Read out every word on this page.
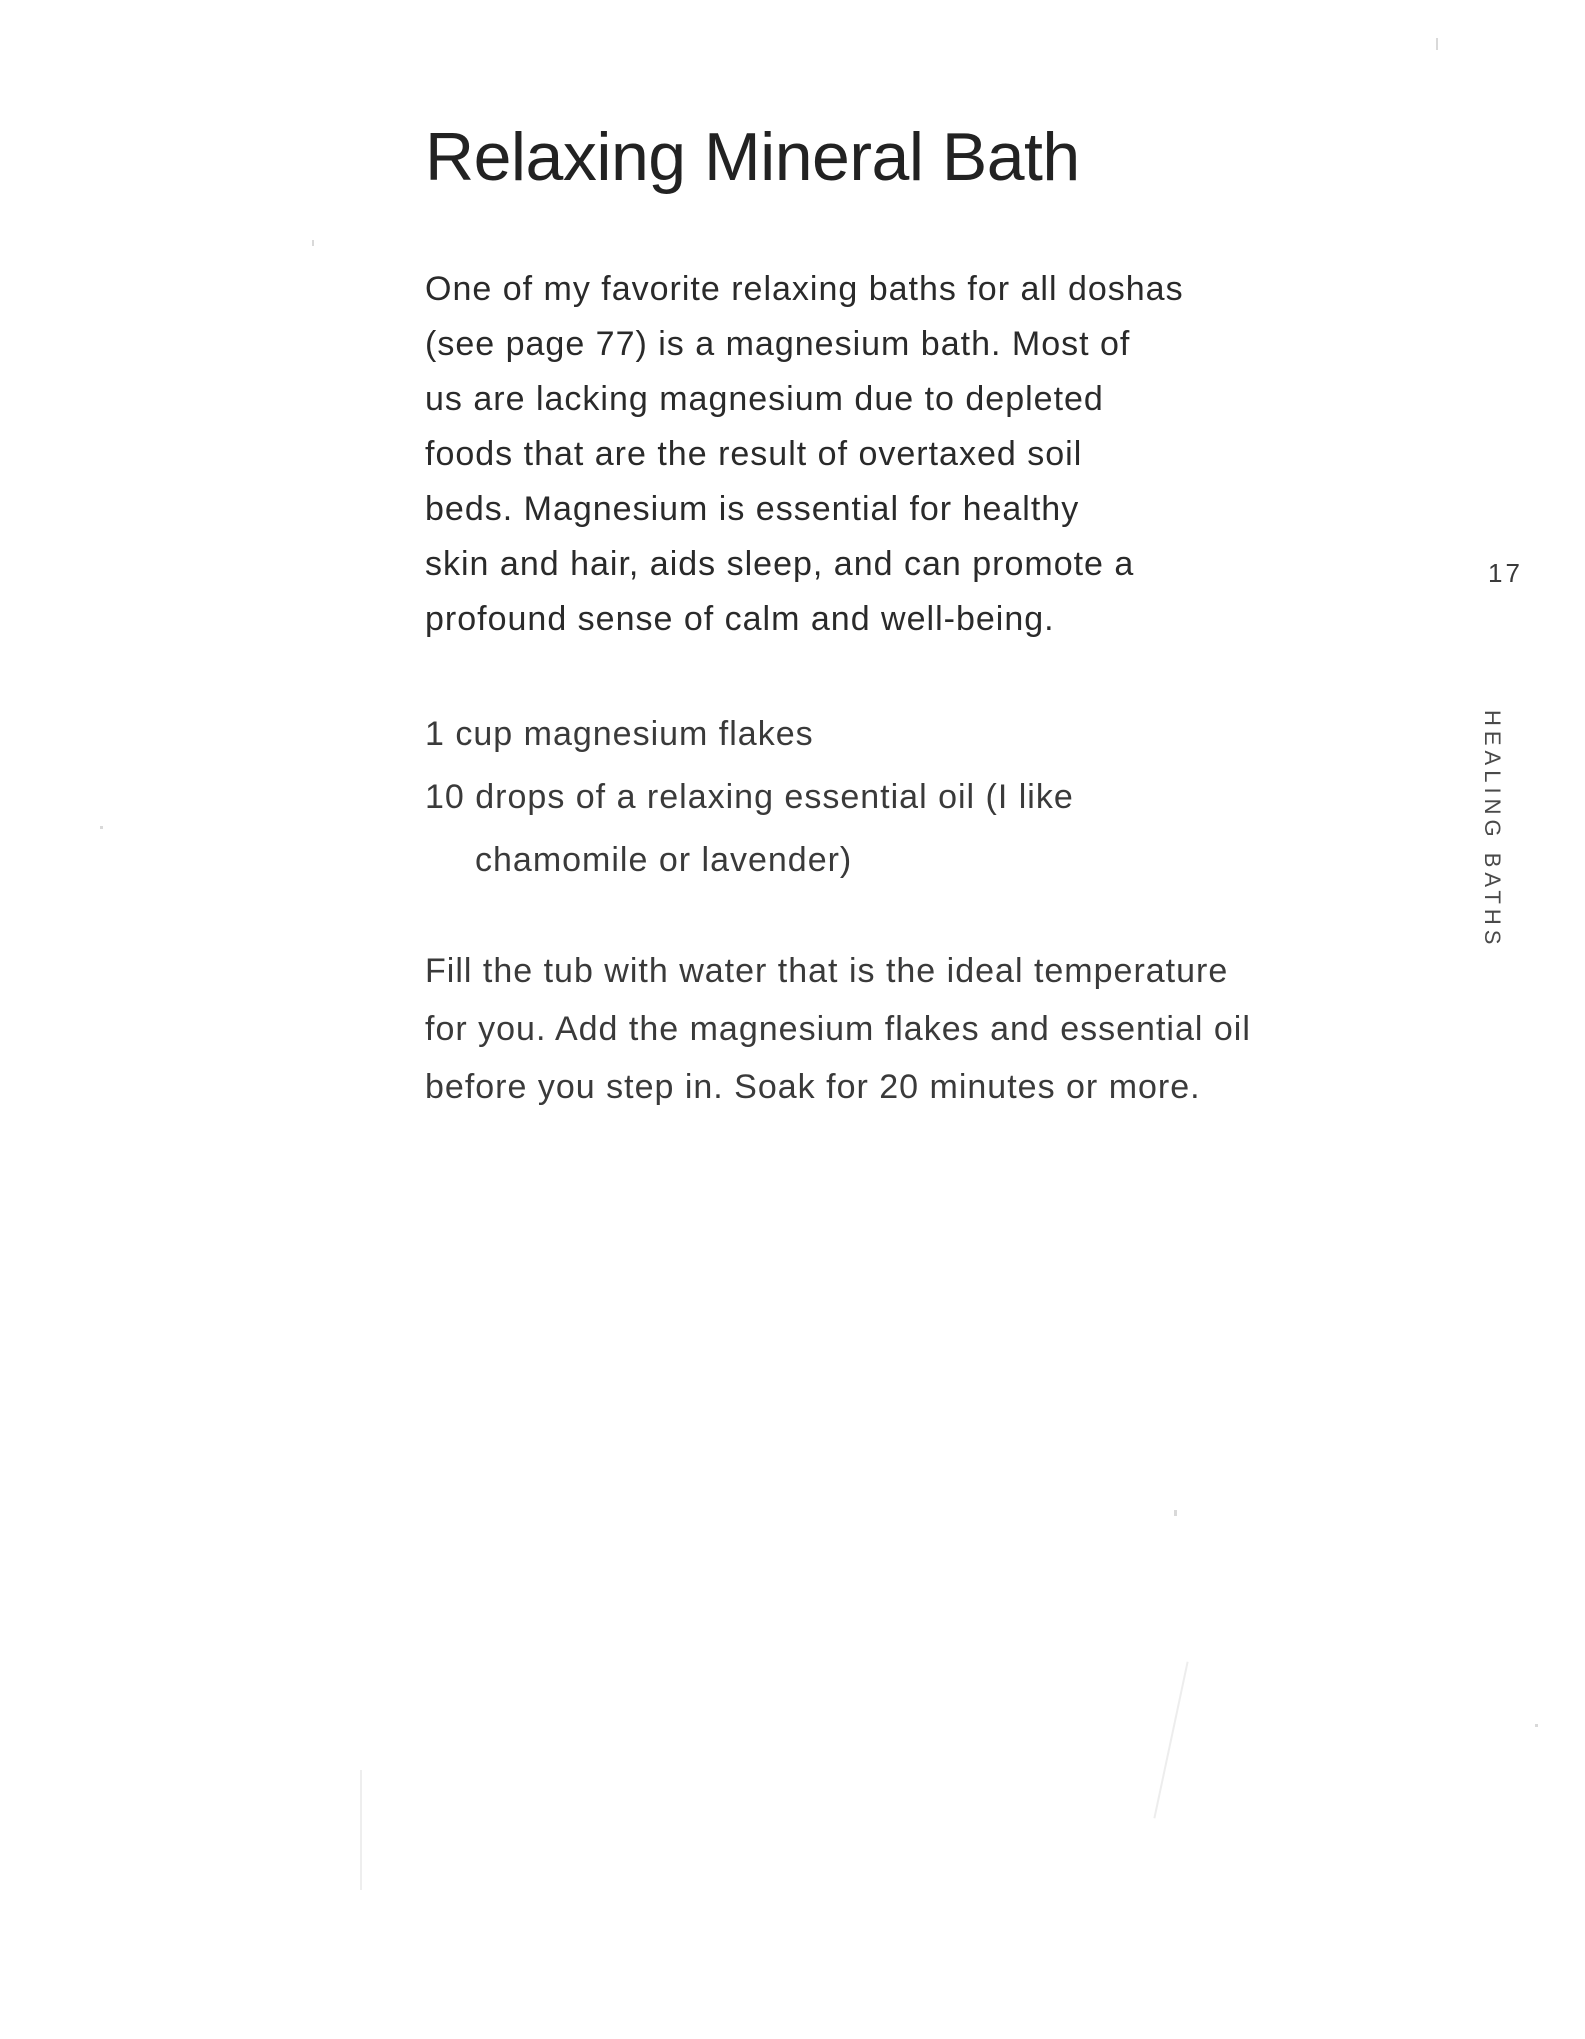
Relaxing Mineral Bath

One of my favorite relaxing baths for all doshas
(see page 77) is a magnesium bath. Most of
us are lacking magnesium due to depleted
foods that are the result of overtaxed soil
beds. Magnesium is essential for healthy
skin and hair, aids sleep, and can promote a
profound sense of calm and well-being.

1 cup magnesium flakes
10 drops of a relaxing essential oil (I like
chamomile or lavender)

Fill the tub with water that is the ideal temperature
for you. Add the magnesium flakes and essential oil
before you step in. Soak for 20 minutes or more.

17
HEALING BATHS
